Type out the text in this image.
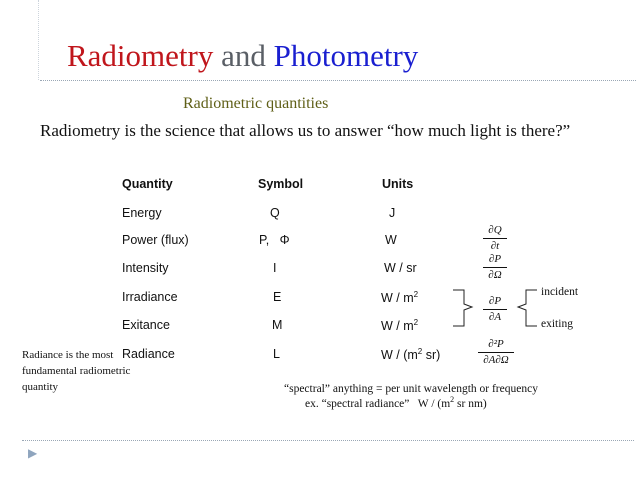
Radiometry and Photometry
Radiometric quantities
Radiometry is the science that allows us to answer “how much light is there?”
Quantity	Symbol	Units
Energy	Q	J
Power (flux)	P,   Φ	W
Intensity	I	W / sr
Irradiance	E	W / $m^2$
Exitance	M	W / $m^2$
Radiance	L	W / ($m^2$ sr)
∂Q
∂t
∂P
∂Ω
∂P
∂A
∂²P
∂A∂Ω
incident
exiting
Radiance is the most fundamental radiometric quantity	“spectral” anything = per unit wavelength or frequency
ex. “spectral radiance”   W / ($m^2$ sr nm)
▶
